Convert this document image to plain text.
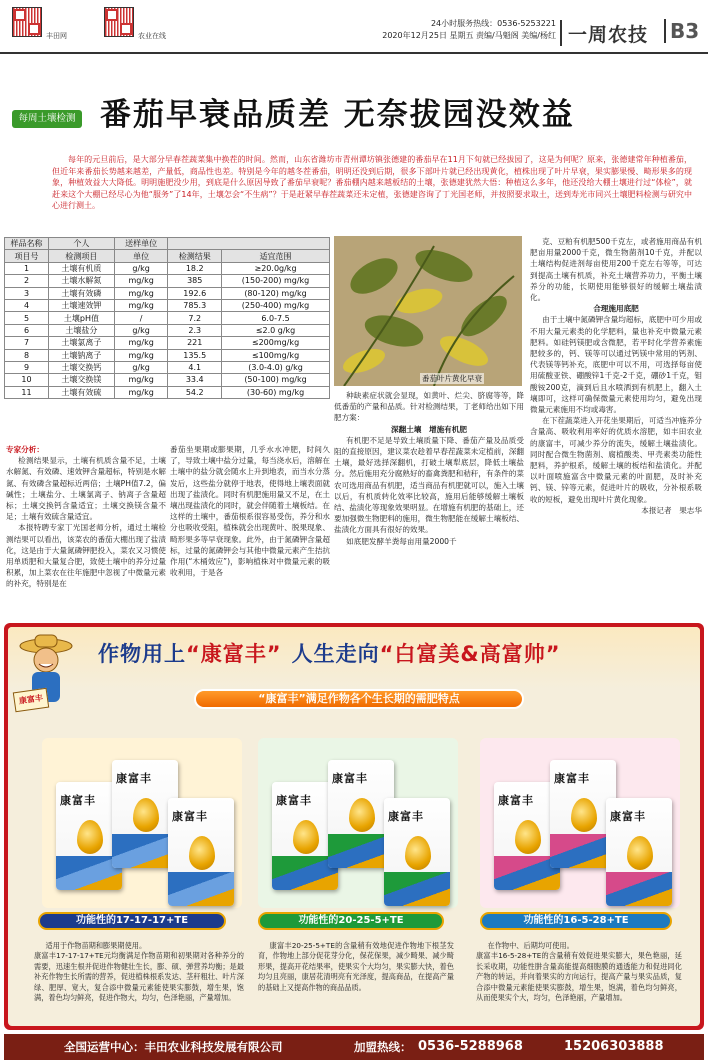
丰田网	农业在线
24小时服务热线：0536-5253221
2020年12月25日 星期五 责编/马魁阁 美编/杨红 一周农技	B3
每周土壤检测 番茄早衰品质差 无奈拔园没效益
每年的元旦前后，是大部分早春茬蔬菜集中换茬的时间。然而，山东省潍坊市青州谭坊镇张德建的番茄早在11月下旬就已经拔园了，这是为何呢？原来，张德建常年种植番茄，但近年来番茄长势越来越差，产量低，商品性也差。特别是今年的越冬茬番茄，明明还没到后期，很多下部叶片就已经出现黄化，植株出现了叶片早衰，果实膨果慢、畸形果多的现象，种植效益大大降低。明明施肥没少用，到底是什么原因导致了番茄早衰呢？番茄棚内越来越板结的土壤，张德建犹然大悟：种植这么多年，他还没给大棚土壤进行过“体检”，就赶来这个大棚已经尽心为他“服务”了14年，土壤怎会“不生病”？于是赶紧早春茬蔬菜还未定植，张德建咨询了丁光国老师，并按照要求取土，送到寿光市同兴土壤肥料检测与研究中心进行测土。
样品名称	个人	送样单位		
项目号	检测项目	单位	检测结果	适宜范围
1	土壤有机质	g/kg	18.2	≥20.0g/kg
2	土壤水解氮	mg/kg	385	(150-200) mg/kg
3	土壤有效磷	mg/kg	192.6	(80-120) mg/kg
4	土壤速效钾	mg/kg	785.3	(250-400) mg/kg
5	土壤pH值	/	7.2	6.0-7.5
6	土壤盐分	g/kg	2.3	≤2.0 g/kg
7	土壤氯离子	mg/kg	221	≤200mg/kg
8	土壤钠离子	mg/kg	135.5	≤100mg/kg
9	土壤交换钙	g/kg	4.1	(3.0-4.0) g/kg
10	土壤交换镁	mg/kg	33.4	(50-100) mg/kg
11	土壤有效硫	mg/kg	54.2	(30-60) mg/kg
番茄叶片黄化早衰

克、豆粕有机肥500千克左，或者施用商品有机肥亩用量2000千克，微生物菌剂10千克，并配以土壤结构促进剂每亩使用200千克左右等等，可达到提高土壤有机质，补充土壤营养功力，平衡土壤养分的功能，长期使用能够很好的缓解土壤盐渍化。

合理施用底肥

由于土壤中氮磷钾含量均超标，底肥中可少用或不用大量元素类的化学肥料，量也补充中微量元素肥料。如硅钙镁肥或含微肥，若平时化学营养素施肥较多的，钙、镁等可以通过钙镁中常用的钙剂、代表镁等钙补充，底肥中可以不用，可选择每亩使用硫酸亚铁、硼酸锌1千克-2千克，硼砂1千克，钼酸铵200克，滴到后且水喷洒到有机肥上，翻入土壤即可，这样可确保微量元素使用均匀，避免出现微量元素施用不均或毒害。

在下茬蔬菜进入开花坐果期后，可适当冲施养分含量高、吸收利用率好的优质水溶肥，如丰田农业的康富丰，可减少养分的流失，缓解土壤盐渍化。同时配合微生物菌剂、腐植酸类、甲壳素类功能性肥料，养护根系，缓解土壤的板结和盐渍化。并配以叶面喷施富含中微量元素的叶面肥，及时补充钙、镁、锌等元素，促进叶片的吸收，分补根系吸收的短板，避免出现叶片黄化现象。

本报记者　果志华

种缺素症状就会显现，如黄叶、烂尖、脐腐等等，降低番茄的产量和品质。针对检测结果，丁老师给出如下用肥方案：

深翻土壤　增施有机肥

有机肥不足是导致土壤质量下降、番茄产量及品质受阻的直接原因，建议菜农趁着早春茬蔬菜未定植前，深翻土壤，最好选择深翻机，打破土壤犁底层，降低土壤盐分。然后施用充分腐熟好的畜禽粪肥和秸秆，有条件的菜农可选用商品有机肥，适当商品有机肥就可以，施入土壤以后，有机质转化效率比较高，施用后能够缓解土壤板结、盐渍化等现象效果明显。在增施有机肥的基础上，还要加强微生物肥料的施用，微生物肥能在缓解土壤板结、盐渍化方面具有很好的效果。

如底肥发酵羊粪每亩用量2000千

专家分析：

检测结果显示，土壤有机质含量不足，土壤水解氮、有效磷、速效钾含量超标，特别是水解氮、有效磷含量超标近两倍；土壤PH值7.2，偏碱性；土壤盐分、土壤氯离子、钠离子含量超标；土壤交换钙含量适宜；土壤交换镁含量不足；土壤有效硫含量适宜。

本报特聘专家丁光国老师分析，通过土壤检测结果可以看出，该菜农的番茄大棚出现了盐渍化，这是由于大量氮磷钾肥投入，菜农又习惯使用单质肥和大量复合肥，致使土壤中的养分过量积累，加上菜农在往年施肥中忽视了中微量元素的补充，特别是在

番茄坐果期或膨果期，几乎水水冲肥，时间久了，导致土壤中盐分过量，每当浇水后，溶解在土壤中的盐分就会随水上升到地表，而当水分蒸发后，这些盐分就停于地表，使得地上壤表面就出现了盐渍化。同时有机肥施用量又不足，在土壤出现盐渍化的同时，就会伴随着土壤板结。在这样的土壤中，番茄根系很容易受伤，养分和水分也吸收受阻，植株就会出现黄叶、脱果现象、畸形果多等早衰现象。此外，由于氮磷钾含量超标，过量的氮磷钾会与其他中微量元素产生拮抗作用(“木桶效应”)，影响植株对中微量元素的吸收利用，于是各

康富丰
作物用上“康富丰” 人生走向“白富美&高富帅”
“康富丰”满足作物各个生长期的需肥特点
康富丰
康富丰
康富丰
康富丰
康富丰
康富丰
康富丰
康富丰
康富丰
功能性的17-17-17+TE	功能性的20-25-5+TE	功能性的16-5-28+TE
适用于作物苗期和膨果期使用。
康富丰17-17-17+TE元均衡满足作物苗期和初果期对各种养分的需要，迅速生根并促进作物健壮生长，膨、硕、弹营养均衡；是最补充作物生长所需的营养，促进植株根系发达、茎秆粗壮、叶片深绿、肥厚、宽大，复合添中微量元素能使果实膨鼓，增生果，饱满，着色均匀鲜亮，促进作物大，均匀，色泽艳丽，产量增加。
康富丰20-25-5+TE的含量稍有效地促进作物地下根茎发育，作物地上部分促花芽分化，保花保果，减少畸果、减少畸形果，提高开花结果率，使果实个大均匀，果实膨大快，着色均匀且亮丽，康居花清明亮有光泽度，提高商品，在提高产量的基础上又提高作物的商品品质。
在作物中、后期均可使用。
康富丰16-5-28+TE的含量稍有效促进果实膨大，果色艳丽，延长采收期，功能性肼含量高能提高细胞膜的通透能力和促进同化产物的转运，并向着果实的方向运行，提高产量与果实品质，复合添中微量元素能使果实膨鼓，增生果，饱满，着色均匀鲜亮，从而使果实个大，均匀，色泽艳丽，产量增加。
全国运营中心：丰田农业科技发展有限公司	加盟热线： 0536-5288968	15206303888
